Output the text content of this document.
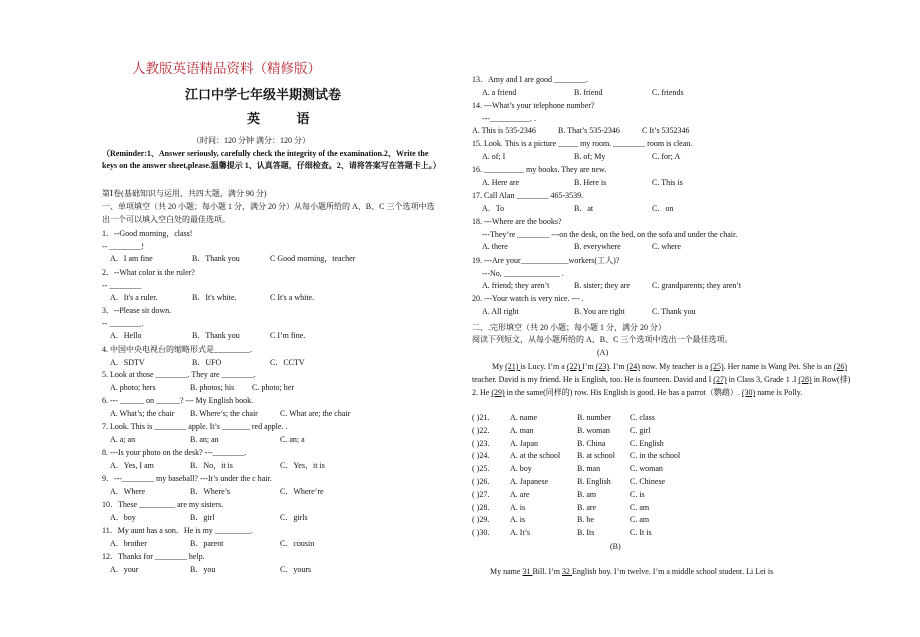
人教版英语精品资料（精修版）
江口中学七年级半期测试卷
英 语
（时间：120 分钟 满分：120 分）
（Reminder:1、Answer seriously, carefully check the integrity of the examination.2、Write the keys on the answer sheet,please.温馨提示 1、认真答题，仔细检查。2、请将答案写在答题卡上。）
第Ⅰ卷(基础知识与运用，共四大题，满分 90 分)
一、单项填空（共 20 小题；每小题 1 分，满分 20 分）从每小题所给的 A、B、C 三个选项中选出一个可以填入空白处的最佳选项。
1．--Good morning，class!
-- ________!
A．I am fine	B．Thank you	C Good morning，teacher
2．--What color is the ruler?
-- ________
A．It's a ruler.	B．It's white.	C It's a white.
3．--Please sit down.
-- ________.
A．Hello	B．Thank you	C I’m fine.
4. 中国中央电视台的缩略形式是_________.
A．SDTV	B．UFO	C．CCTV
5. Look at those ________. They are ________.
A. photo; hers	B. photos; his C. photo; her
6. --- ______ on ______? --- My English book.
A. What’s; the chair B. Where’s; the chair	C. What are; the chair
7. Look. This is ________ apple. It’s _______ red apple. .
A. a; an	B. an; an	C. an; a
8. ---Is your photo on the desk? ---________.
A．Yes, I am	B．No，it is	C．Yes，it is
9．---________ my baseball? ---It’s under the c hair.
A．Where	B．Where’s	C．Where’re
10．These _________ are my sisters.
A．boy	B．girl	C．girls
11．My aunt has a son．He is my _________.
A．brother	B．parent	C．cousin
12．Thanks for ________ help.
A．your	B．you	C．yours
13．Amy and I are good ________.
A. a friend	B. friend	C. friends
14. ---What’s your telephone number?
---__________. .
A. This is 535-2346	B. That’s 535-2346	C It’s 5352346
15. Look. This is a picture _____ my room. ________ room is clean.
A. of; I	B. of; My	C. for; A
16. __________ my books. They are new.
A. Here are	B. Here is	C. This is
17. Call Alan ________ 465-3539.
A．To	B．at	C．on
18. ---Where are the books?
---They’re ________ ---on the desk, on the bed, on the sofa and under the chair.
A. there	B. everywhere	C. where
19. ---Are your____________workers(工人)?
---No, ______________ .
A. friend; they aren’t	B. sister; they are	C. grandparents; they aren’t
20. ---Your watch is very nice. --- .
A. All right	B. You are right	C. Thank you
二、.完形填空（共 20 小题；每小题 1 分，满分 20 分）
阅读下列短文，从每小题所给的 A、B、C 三个选项中选出一个最佳选项。
(A)
My (21) is Lucy. I’m a (22) I’m (23). I’m (24) now. My teacher is a (25). Her name is Wang Pei. She is an (26) teacher. David is my friend. He is English, too. He is fourteen. David and I (27) in Class 3, Grade 1 .I (28) in Row(排) 2. He (29) in the same(同样的) row. His English is good. He has a parrot（鹦鹉）. (30) name is Polly.
( )21.	A. name	B. number C. class
( )22.	A. man	B. woman	C. girl
( )23.	A. Japan	B. China	C. English
( )24.	A. at the school B. at school C. in the school
( )25.	A. boy	B. man	C. woman
( )26.	A. Japanese	B. English C. Chinese
( )27.	A. are	B. am	C. is
( )28.	A. is	B. are	C. am
( )29.	A. is	B. be	C. am
( )30.	A. It’s	B. Its	C. It is
(B)
My name 31 Bill. I’m 32 English boy. I’m twelve. I’m a middle school student. Li Lei is
